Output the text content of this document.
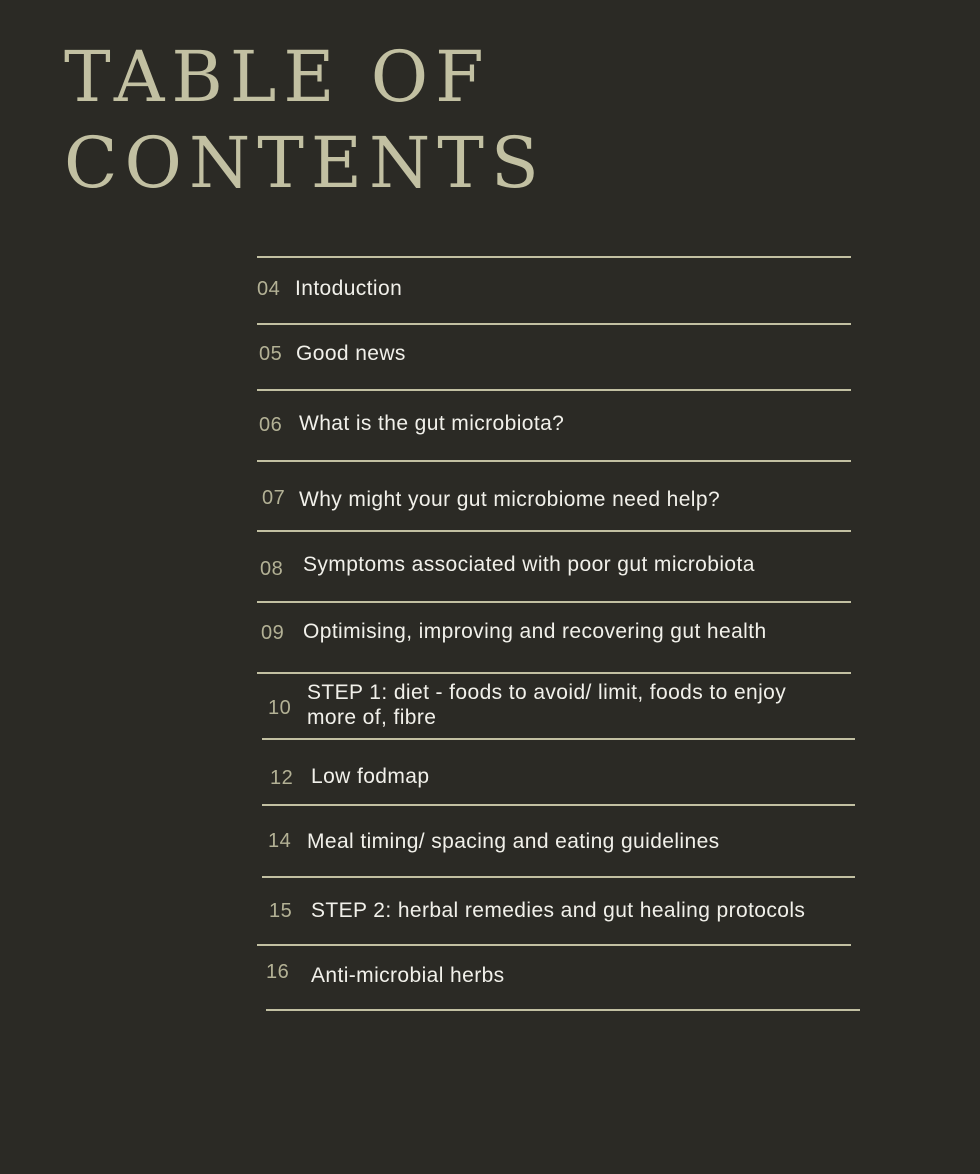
TABLE OF
CONTENTS
04 Intoduction
05 Good news
06 What is the gut microbiota?
07 Why might your gut microbiome need help?
08 Symptoms associated with poor gut microbiota
09 Optimising, improving and recovering gut health
10
STEP 1: diet - foods to avoid/ limit, foods to enjoy
more of, fibre
12 Low fodmap
14 Meal timing/ spacing and eating guidelines
15 STEP 2: herbal remedies and gut healing protocols
16 Anti-microbial herbs
